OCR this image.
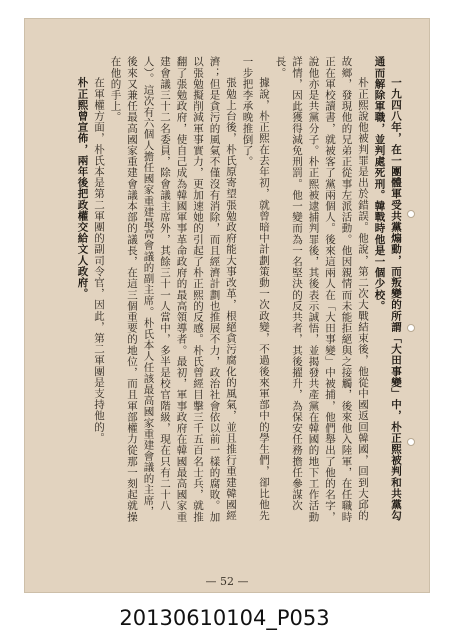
一九四八年，在一團體軍受共黨煽動，而叛變的所謂「大田事變」中，朴正熙被判和共黨勾通而解除軍職，並判處死刑。韓戰時他是一個少校。

朴正熙說他被判罪是出於錯誤。他說，第二次大戰結束後，他從中國返回韓國，回到大邱的故鄉，發現他的兄弟正從事左派活動。他因親情而未能拒絕與之接觸，後來他入陸軍，在任職時正在軍校讀書，就被客了黨兩個人。後來這兩人在「大田事變」中被捕，他們舉出了他的名字，說他亦是共黨分子。朴正熙被逮捕判罪後，其後表示誠悟，並揭發共產黨在韓國的地下工作活動詳情，因此獲得減免刑罰。他一變而為一名堅決的反共者，其後擢升，為保安任務擔任參謀次長。

據說，朴正熙在去年初，就曾暗中計劃策動一次政變，不過後來軍部中的學生們，卻比他先一步把李承晚推倒了。

張勉上台後，朴氏原寄望張勉政府能大事改革，根絕貪污腐化的風氣，並且推行重建韓國經濟；但是貪污的風氣不僅沒有消除，而且經濟計劃也推展不力，政治社會依以前一樣的腐敗。加以張勉擬削減軍事實力，更加速她的引起了朴正熙的反感。朴氏曾經目擊三千五百名士兵，就推翻了張勉政府，使自己成為韓國軍事革命政府的最高領導者。最初，軍事政府在韓國最高國家重建會議三十二名委員，除會議主席外，其餘三十一人當中，多半是校官階級，現在只有二十八人）。這次有六個人擔任國家重建最高會議的副主席。朴氏本人任該最高國家重建會議的主席，後來又兼任最高國家重建會議本部的議長，在這三個重要的地位，而且軍部權力從那一刻起就操在他的手上。

在軍權方面，朴氏本是第二軍團的副司令官，因此，第二軍團是支持他的。

朴正熙曾宣佈，兩年後把政權交給文人政府。

— 52 —
20130610104_P053
